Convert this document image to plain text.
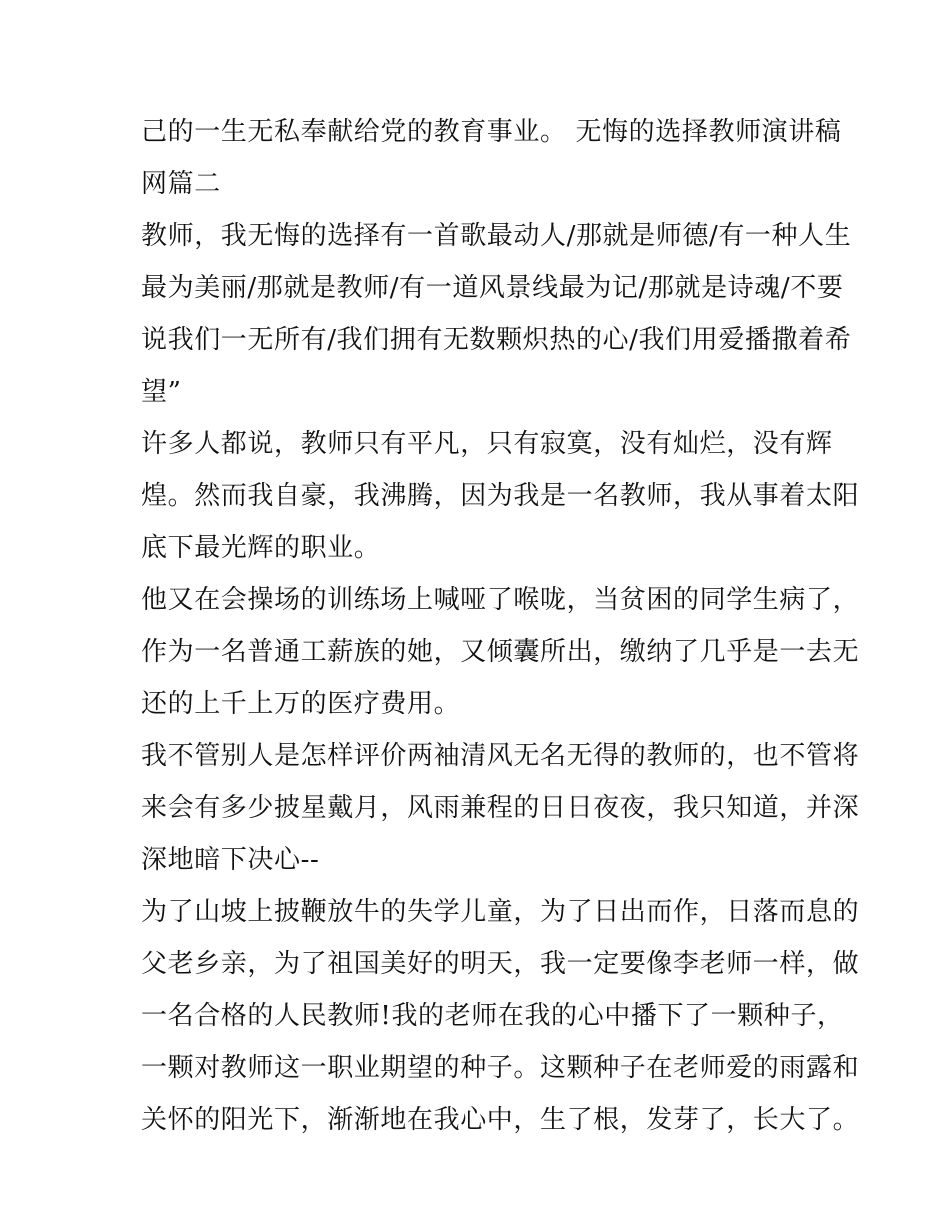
己的一生无私奉献给党的教育事业。 无悔的选择教师演讲稿
网篇二
教师，我无悔的选择有一首歌最动人/那就是师德/有一种人生
最为美丽/那就是教师/有一道风景线最为记/那就是诗魂/不要
说我们一无所有/我们拥有无数颗炽热的心/我们用爱播撒着希
望”
许多人都说，教师只有平凡，只有寂寞，没有灿烂，没有辉
煌。然而我自豪，我沸腾，因为我是一名教师，我从事着太阳
底下最光辉的职业。
他又在会操场的训练场上喊哑了喉咙，当贫困的同学生病了，
作为一名普通工薪族的她，又倾囊所出，缴纳了几乎是一去无
还的上千上万的医疗费用。
我不管别人是怎样评价两袖清风无名无得的教师的，也不管将
来会有多少披星戴月，风雨兼程的日日夜夜，我只知道，并深
深地暗下决心--
为了山坡上披鞭放牛的失学儿童，为了日出而作，日落而息的
父老乡亲，为了祖国美好的明天，我一定要像李老师一样，做
一名合格的人民教师!我的老师在我的心中播下了一颗种子，
一颗对教师这一职业期望的种子。这颗种子在老师爱的雨露和
关怀的阳光下，渐渐地在我心中，生了根，发芽了，长大了。
